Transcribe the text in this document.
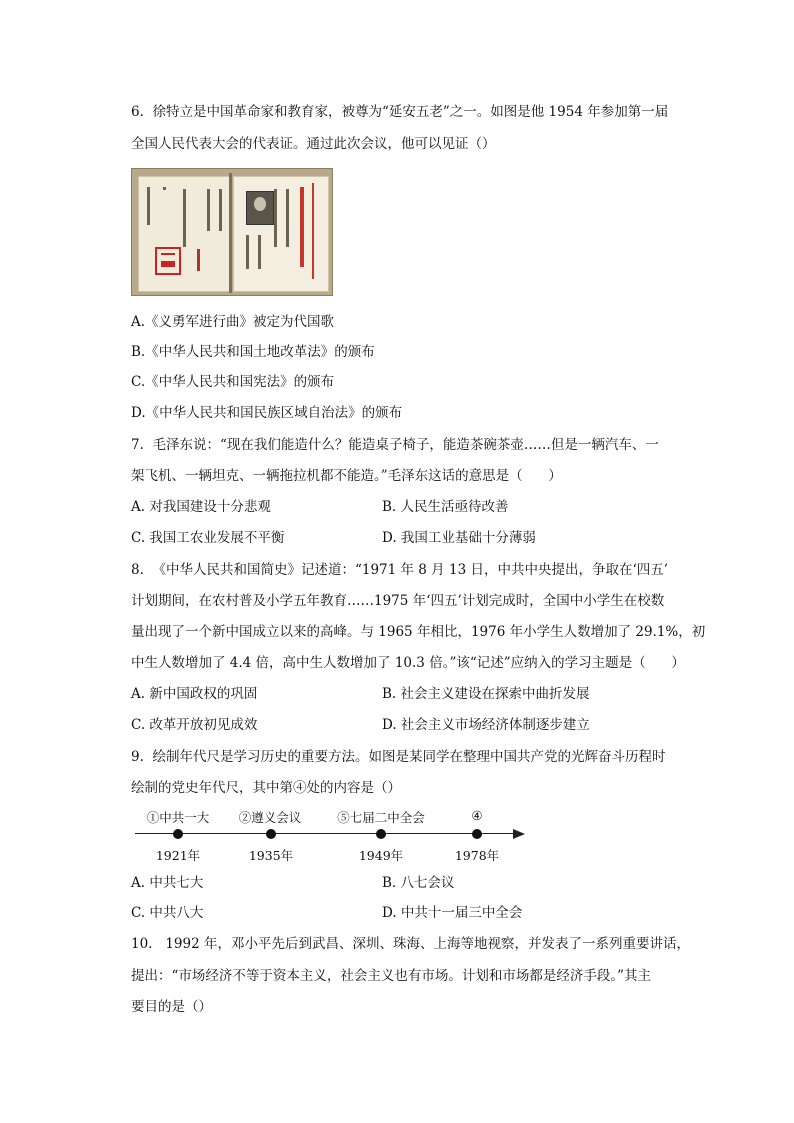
6.  徐特立是中国革命家和教育家，被尊为“延安五老”之一。如图是他 1954 年参加第一届
全国人民代表大会的代表证。通过此次会议，他可以见证（）
A.《义勇军进行曲》被定为代国歌
B.《中华人民共和国土地改革法》的颁布
C.《中华人民共和国宪法》的颁布
D.《中华人民共和国民族区域自治法》的颁布
7.  毛泽东说：“现在我们能造什么？能造桌子椅子，能造茶碗茶壶……但是一辆汽车、一
架飞机、一辆坦克、一辆拖拉机都不能造。”毛泽东这话的意思是（      ）
A. 对我国建设十分悲观	B. 人民生活亟待改善
C. 我国工农业发展不平衡	D. 我国工业基础十分薄弱
8.  《中华人民共和国简史》记述道：“1971 年 8 月 13 日，中共中央提出，争取在‘四五’
计划期间，在农村普及小学五年教育……1975 年‘四五’计划完成时，全国中小学生在校数
量出现了一个新中国成立以来的高峰。与 1965 年相比，1976 年小学生人数增加了 29.1%，初
中生人数增加了 4.4 倍，高中生人数增加了 10.3 倍。”该“记述”应纳入的学习主题是（      ）
A. 新中国政权的巩固	B. 社会主义建设在探索中曲折发展
C. 改革开放初见成效	D. 社会主义市场经济体制逐步建立
9.  绘制年代尺是学习历史的重要方法。如图是某同学在整理中国共产党的光辉奋斗历程时
绘制的党史年代尺，其中第④处的内容是（）
①中共一大 ②遵义会议	⑤七届二中全会	④
1921年	1935年	1949年	1978年
A. 中共七大	B. 八七会议
C. 中共八大	D. 中共十一届三中全会
10.   1992 年，邓小平先后到武昌、深圳、珠海、上海等地视察，并发表了一系列重要讲话，
提出：“市场经济不等于资本主义，社会主义也有市场。计划和市场都是经济手段。”其主
要目的是（）
